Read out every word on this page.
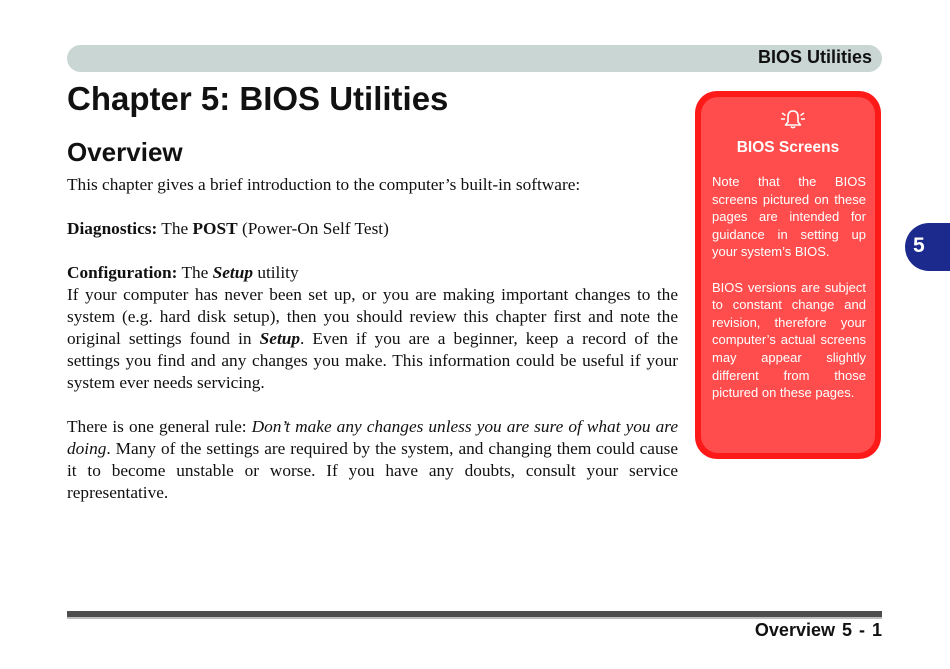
BIOS Utilities
Chapter 5: BIOS Utilities
Overview

This chapter gives a brief introduction to the computer’s built-in software:

Diagnostics: The POST (Power-On Self Test)

Configuration: The Setup utility

If your computer has never been set up, or you are making important changes to the system (e.g. hard disk setup), then you should review this chapter first and note the original settings found in Setup. Even if you are a beginner, keep a record of the settings you find and any changes you make. This information could be useful if your system ever needs servicing.

There is one general rule: Don’t make any changes unless you are sure of what you are doing. Many of the settings are required by the system, and changing them could cause it to become unstable or worse. If you have any doubts, consult your service representative.

BIOS Screens

Note that the BIOS screens pictured on these pages are intended for guidance in setting up your system’s BIOS.

BIOS versions are subject to constant change and revision, therefore your computer’s actual screens may appear slightly different from those pictured on these pages.

5
Overview 5 - 1
